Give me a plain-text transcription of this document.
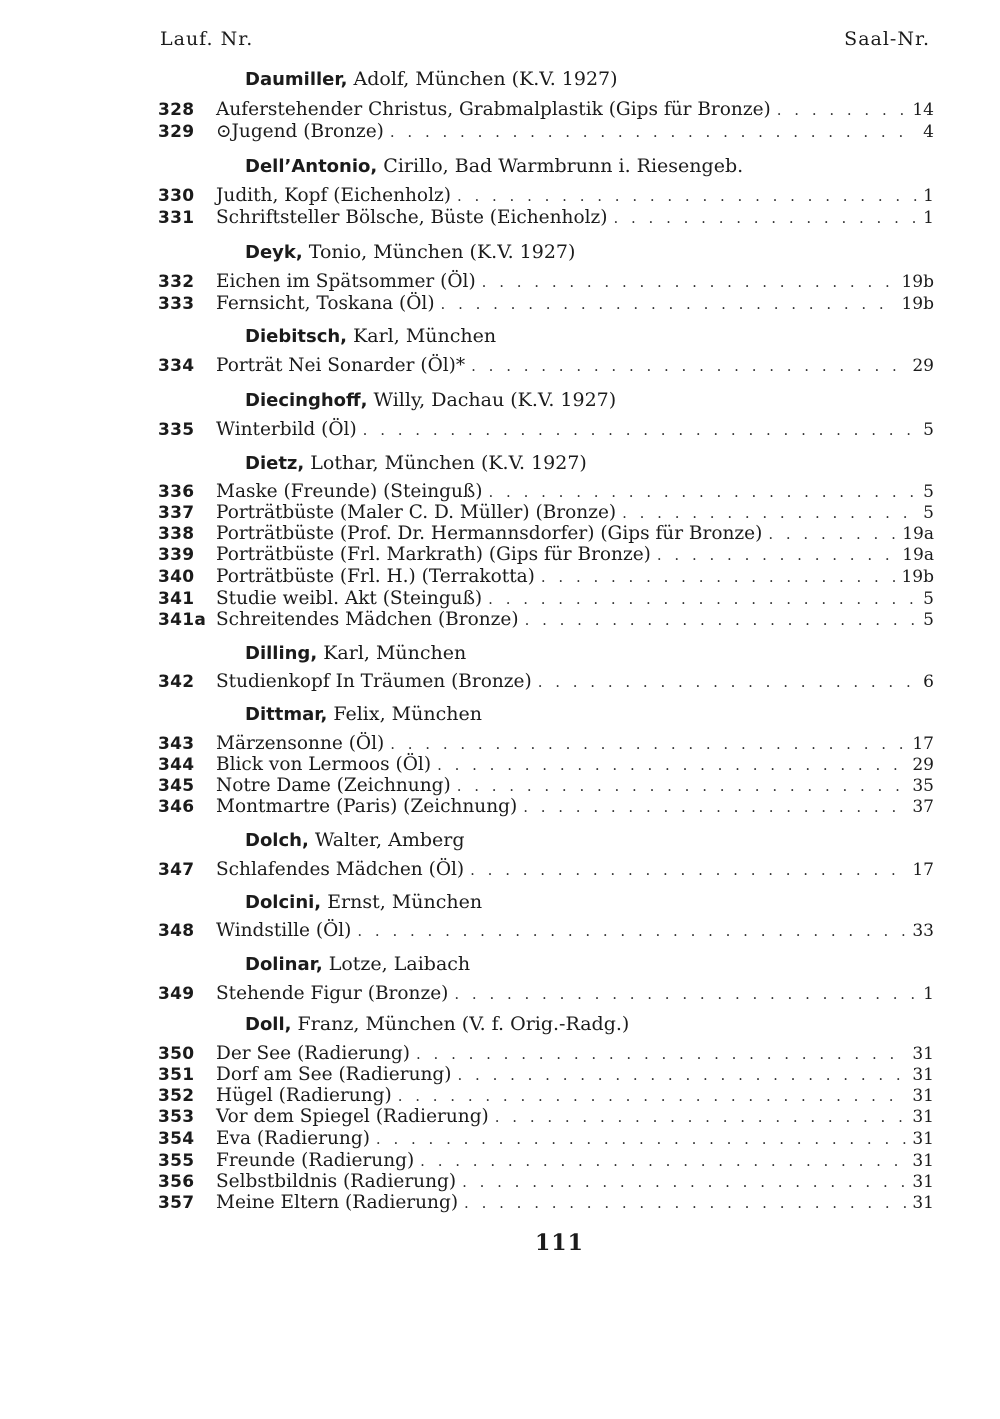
Lauf. Nr.	Saal-Nr.
Daumiller, Adolf, München (K.V. 1927)
328	Auferstehender Christus, Grabmalplastik (Gips für Bronze) . . .	14
329	⊙Jugend (Bronze) . . .	4
Dell’Antonio, Cirillo, Bad Warmbrunn i. Riesengeb.
330	Judith, Kopf (Eichenholz) . . .	1
331	Schriftsteller Bölsche, Büste (Eichenholz) . . .	1
Deyk, Tonio, München (K.V. 1927)
332	Eichen im Spätsommer (Öl) . . .	19b
333	Fernsicht, Toskana (Öl) . . .	19b
Diebitsch, Karl, München
334	Porträt Nei Sonarder (Öl)* . . .	29
Diecinghoff, Willy, Dachau (K.V. 1927)
335	Winterbild (Öl) . . .	5
Dietz, Lothar, München (K.V. 1927)
336	Maske (Freunde) (Steinguß) . . .	5
337	Porträtbüste (Maler C. D. Müller) (Bronze) . . .	5
338	Porträtbüste (Prof. Dr. Hermannsdorfer) (Gips für Bronze) . . .	19a
339	Porträtbüste (Frl. Markrath) (Gips für Bronze) . . .	19a
340	Porträtbüste (Frl. H.) (Terrakotta) . . .	19b
341	Studie weibl. Akt (Steinguß) . . .	5
341a Schreitendes Mädchen (Bronze) . . .	5
Dilling, Karl, München
342	Studienkopf In Träumen (Bronze) . . .	6
Dittmar, Felix, München
343	Märzensonne (Öl) . . .	17
344	Blick von Lermoos (Öl) . . .	29
345	Notre Dame (Zeichnung) . . .	35
346	Montmartre (Paris) (Zeichnung) . . .	37
Dolch, Walter, Amberg
347	Schlafendes Mädchen (Öl) . . .	17
Dolcini, Ernst, München
348	Windstille (Öl) . . .	33
Dolinar, Lotze, Laibach
349	Stehende Figur (Bronze) . . .	1
Doll, Franz, München (V. f. Orig.-Radg.)
350	Der See (Radierung) . . .	31
351	Dorf am See (Radierung) . . .	31
352	Hügel (Radierung) . . .	31
353	Vor dem Spiegel (Radierung) . . .	31
354	Eva (Radierung) . . .	31
355	Freunde (Radierung) . . .	31
356	Selbstbildnis (Radierung) . . .	31
357	Meine Eltern (Radierung) . . .	31
111
